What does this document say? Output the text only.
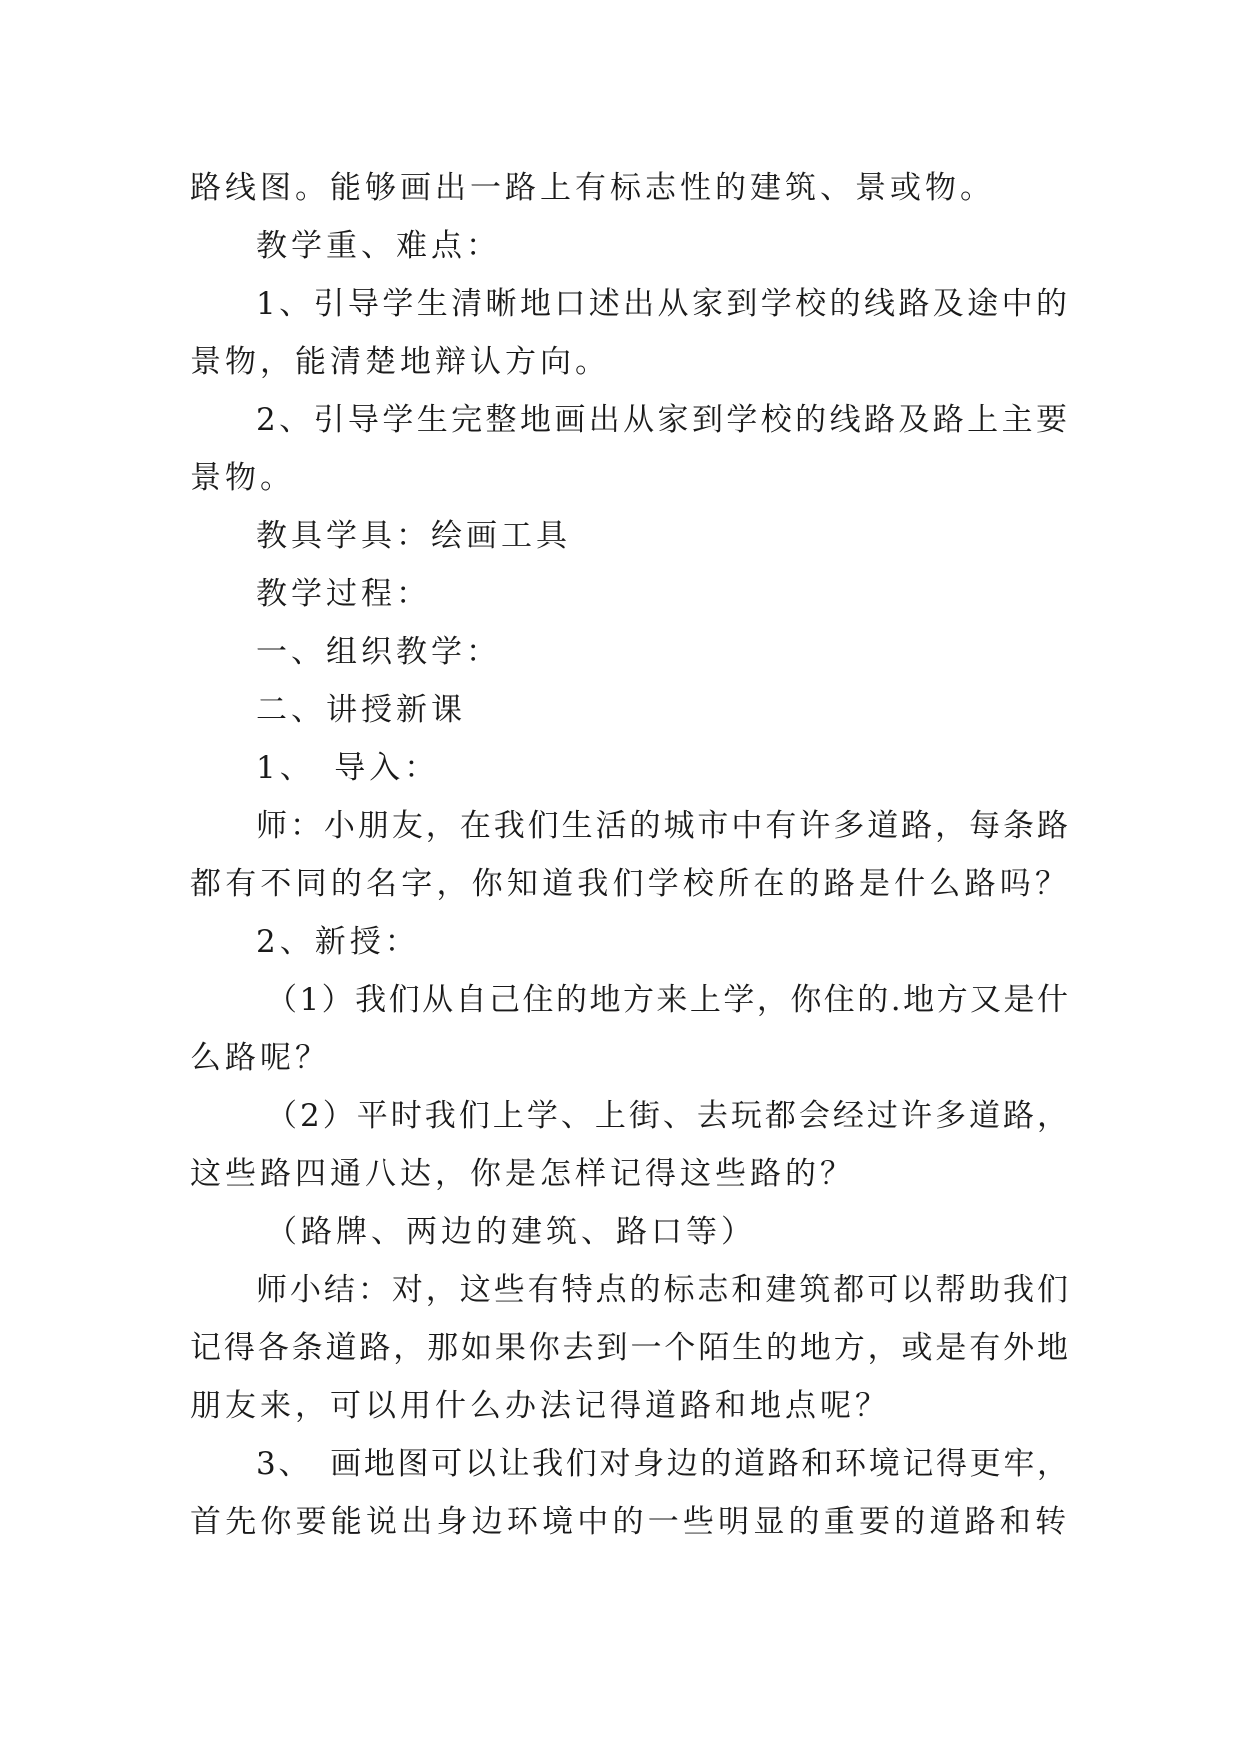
路线图。能够画出一路上有标志性的建筑、景或物。
教学重、难点：
1、引导学生清晰地口述出从家到学校的线路及途中的
景物，能清楚地辩认方向。
2、引导学生完整地画出从家到学校的线路及路上主要
景物。
教具学具：绘画工具
教学过程：
一、组织教学：
二、讲授新课
1、　导入：
师：小朋友，在我们生活的城市中有许多道路，每条路
都有不同的名字，你知道我们学校所在的路是什么路吗？
2、新授：
（1）我们从自己住的地方来上学，你住的.地方又是什
么路呢？
（2）平时我们上学、上街、去玩都会经过许多道路，
这些路四通八达，你是怎样记得这些路的？
（路牌、两边的建筑、路口等）
师小结：对，这些有特点的标志和建筑都可以帮助我们
记得各条道路，那如果你去到一个陌生的地方，或是有外地
朋友来，可以用什么办法记得道路和地点呢？
3、　画地图可以让我们对身边的道路和环境记得更牢，
首先你要能说出身边环境中的一些明显的重要的道路和转
